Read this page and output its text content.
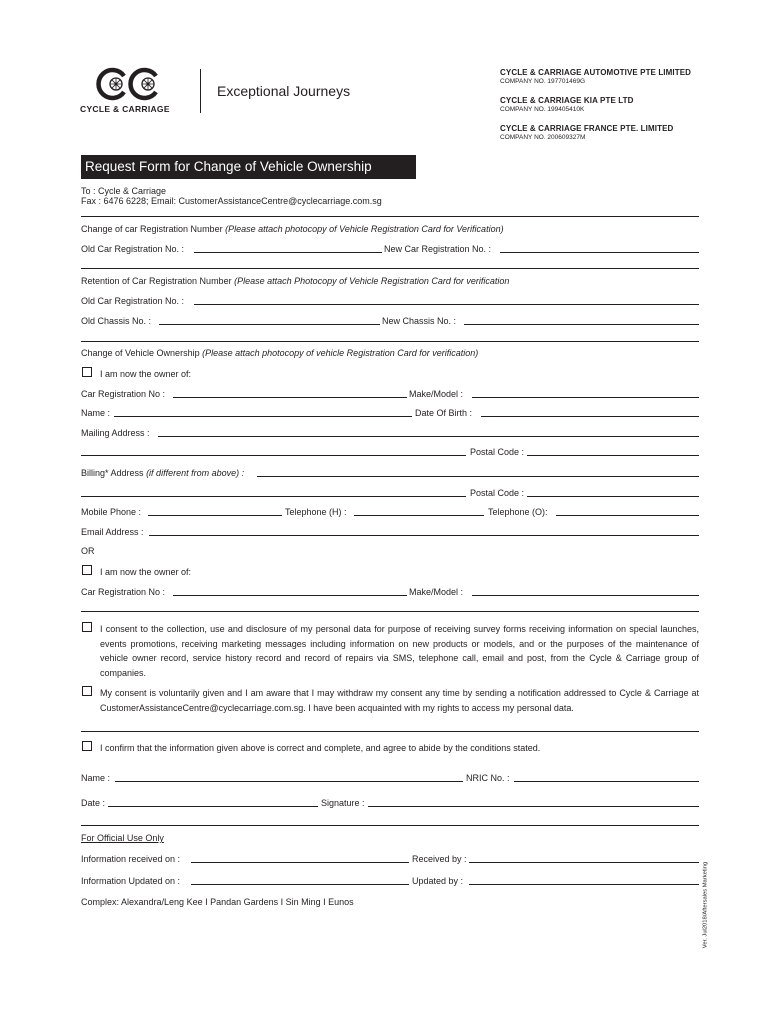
CYCLE & CARRIAGE
Exceptional Journeys
CYCLE & CARRIAGE AUTOMOTIVE PTE LIMITED
COMPANY NO. 197701469G
CYCLE & CARRIAGE KIA PTE LTD
COMPANY NO. 199405410K
CYCLE & CARRIAGE FRANCE PTE. LIMITED
COMPANY NO. 200609327M
Request Form for Change of Vehicle Ownership
To : Cycle & Carriage
Fax : 6476 6228; Email: CustomerAssistanceCentre@cyclecarriage.com.sg
Change of car Registration Number (Please attach photocopy of Vehicle Registration Card for Verification)
Old Car Registration No. :	New Car Registration No. :
Retention of Car Registration Number (Please attach Photocopy of Vehicle Registration Card for verification
Old Car Registration No. :
Old Chassis No. :	New Chassis No. :
Change of Vehicle Ownership (Please attach photocopy of vehicle Registration Card for verification)
I am now the owner of:
Car Registration No :	Make/Model :
Name :	Date Of Birth :
Mailing Address :
Postal Code :
Billing* Address (if different from above) :
Postal Code :
Mobile Phone :	Telephone (H) :	Telephone (O):
Email Address :
OR
I am now the owner of:
Car Registration No :	Make/Model :
I consent to the collection, use and disclosure of my personal data for purpose of receiving survey forms receiving information on special launches, events promotions, receiving marketing messages including information on new products or models, and or the purposes of the maintenance of vehicle owner record, service history record and record of repairs via SMS, telephone call, email and post, from the Cycle & Carriage group of companies.
My consent is voluntarily given and I am aware that I may withdraw my consent any time by sending a notification addressed to Cycle & Carriage at CustomerAssistanceCentre@cyclecarriage.com.sg. I have been acquainted with my rights to access my personal data.
I confirm that the information given above is correct and complete, and agree to abide by the conditions stated.
Name :	NRIC No. :
Date :	Signature :
For Official Use Only
Information received on :	Received by :
Information Updated on :	Updated by :
Complex: Alexandra/Leng Kee I Pandan Gardens I Sin Ming I Eunos	Ver. Jul2018/Aftersales Marketing
